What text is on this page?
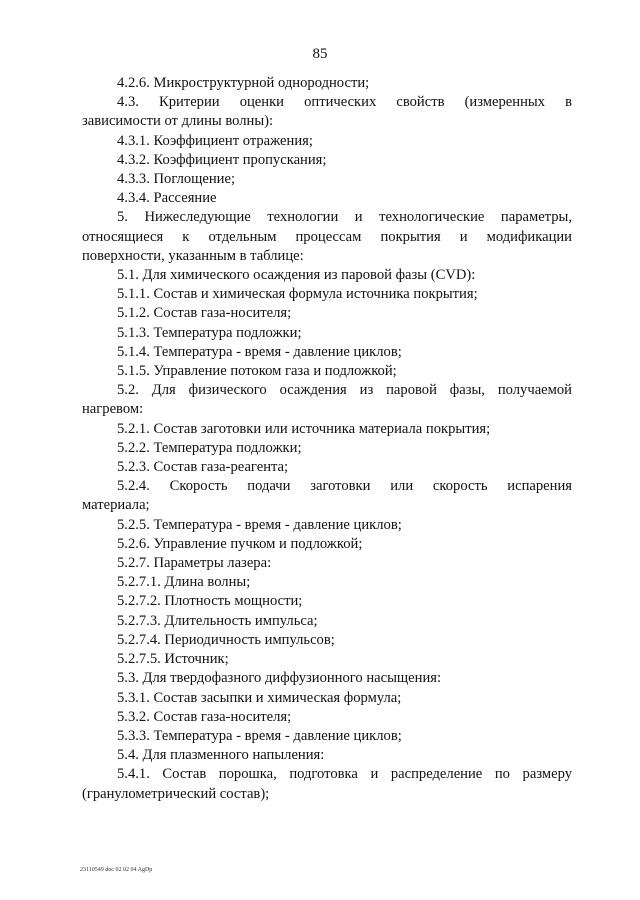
85
4.2.6. Микроструктурной однородности;
4.3. Критерии оценки оптических свойств (измеренных в
зависимости от длины волны):
4.3.1. Коэффициент отражения;
4.3.2. Коэффициент пропускания;
4.3.3. Поглощение;
4.3.4. Рассеяние
5. Нижеследующие технологии и технологические параметры,
относящиеся к отдельным процессам покрытия и модификации
поверхности, указанным в таблице:
5.1. Для химического осаждения из паровой фазы (CVD):
5.1.1. Состав и химическая формула источника покрытия;
5.1.2. Состав газа-носителя;
5.1.3. Температура подложки;
5.1.4. Температура - время - давление циклов;
5.1.5. Управление потоком газа и подложкой;
5.2. Для физического осаждения из паровой фазы, получаемой
нагревом:
5.2.1. Состав заготовки или источника материала покрытия;
5.2.2. Температура подложки;
5.2.3. Состав газа-реагента;
5.2.4. Скорость подачи заготовки или скорость испарения
материала;
5.2.5. Температура - время - давление циклов;
5.2.6. Управление пучком и подложкой;
5.2.7. Параметры лазера:
5.2.7.1. Длина волны;
5.2.7.2. Плотность мощности;
5.2.7.3. Длительность импульса;
5.2.7.4. Периодичность импульсов;
5.2.7.5. Источник;
5.3. Для твердофазного диффузионного насыщения:
5.3.1. Состав засыпки и химическая формула;
5.3.2. Состав газа-носителя;
5.3.3. Температура - время - давление циклов;
5.4. Для плазменного напыления:
5.4.1. Состав порошка, подготовка и распределение по размеру
(гранулометрический состав);
23110549 doc 02 02 04 AgDp
